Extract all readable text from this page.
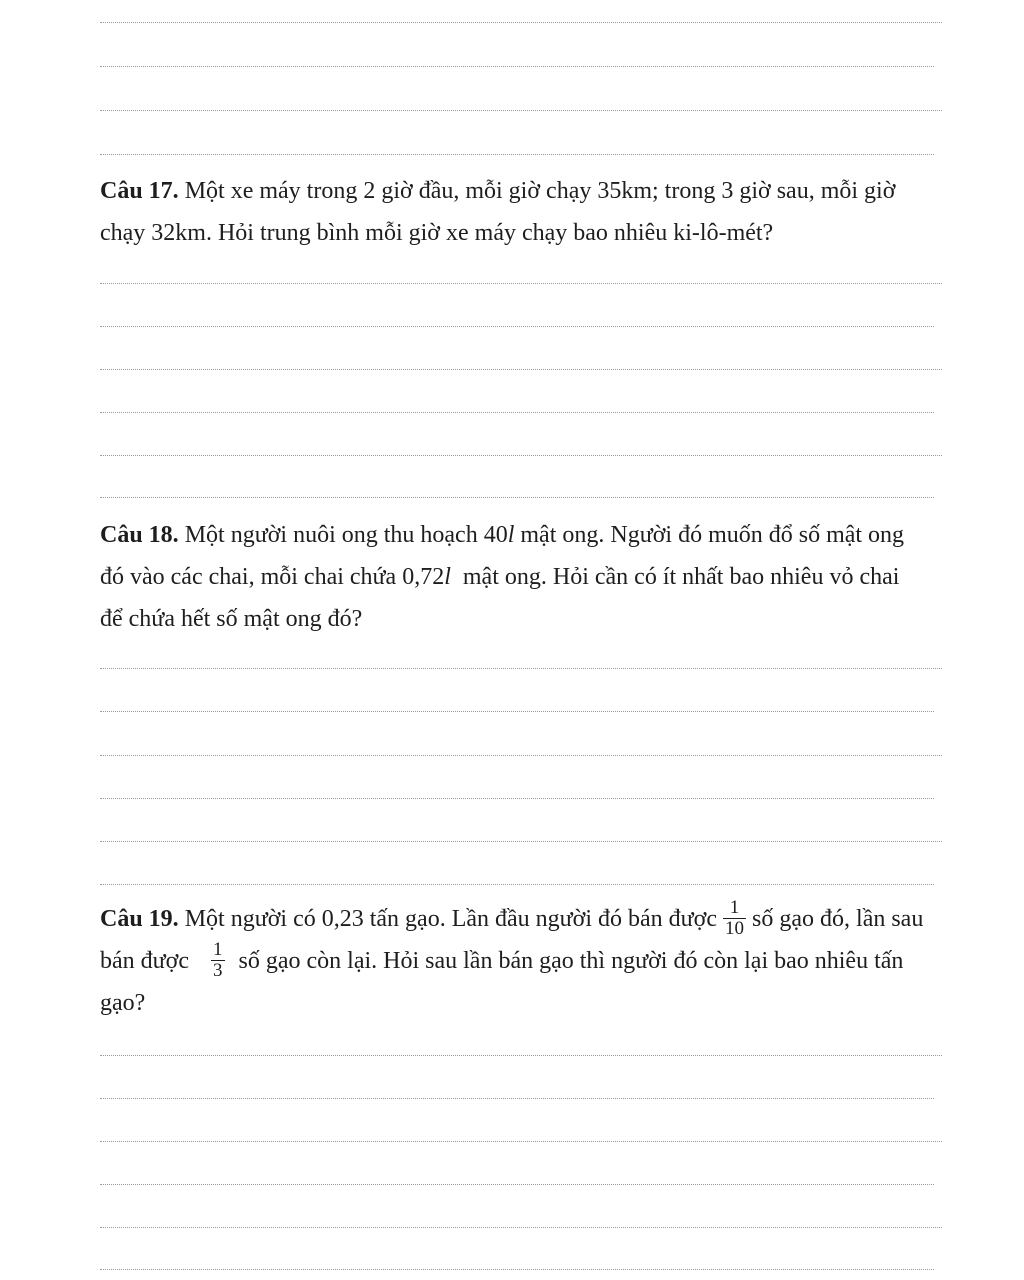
Câu 17. Một xe máy trong 2 giờ đầu, mỗi giờ chạy 35km; trong 3 giờ sau, mỗi giờ
chạy 32km. Hỏi trung bình mỗi giờ xe máy chạy bao nhiêu ki-lô-mét?
Câu 18. Một người nuôi ong thu hoạch 40l mật ong. Người đó muốn đổ số mật ong
đó vào các chai, mỗi chai chứa 0,72l mật ong. Hỏi cần có ít nhất bao nhiêu vỏ chai
để chứa hết số mật ong đó?
Câu 19. Một người có 0,23 tấn gạo. Lần đầu người đó bán được $\frac{1}{10}$ số gạo đó, lần sau
bán được $\frac{1}{3}$ số gạo còn lại. Hỏi sau lần bán gạo thì người đó còn lại bao nhiêu tấn
gạo?
